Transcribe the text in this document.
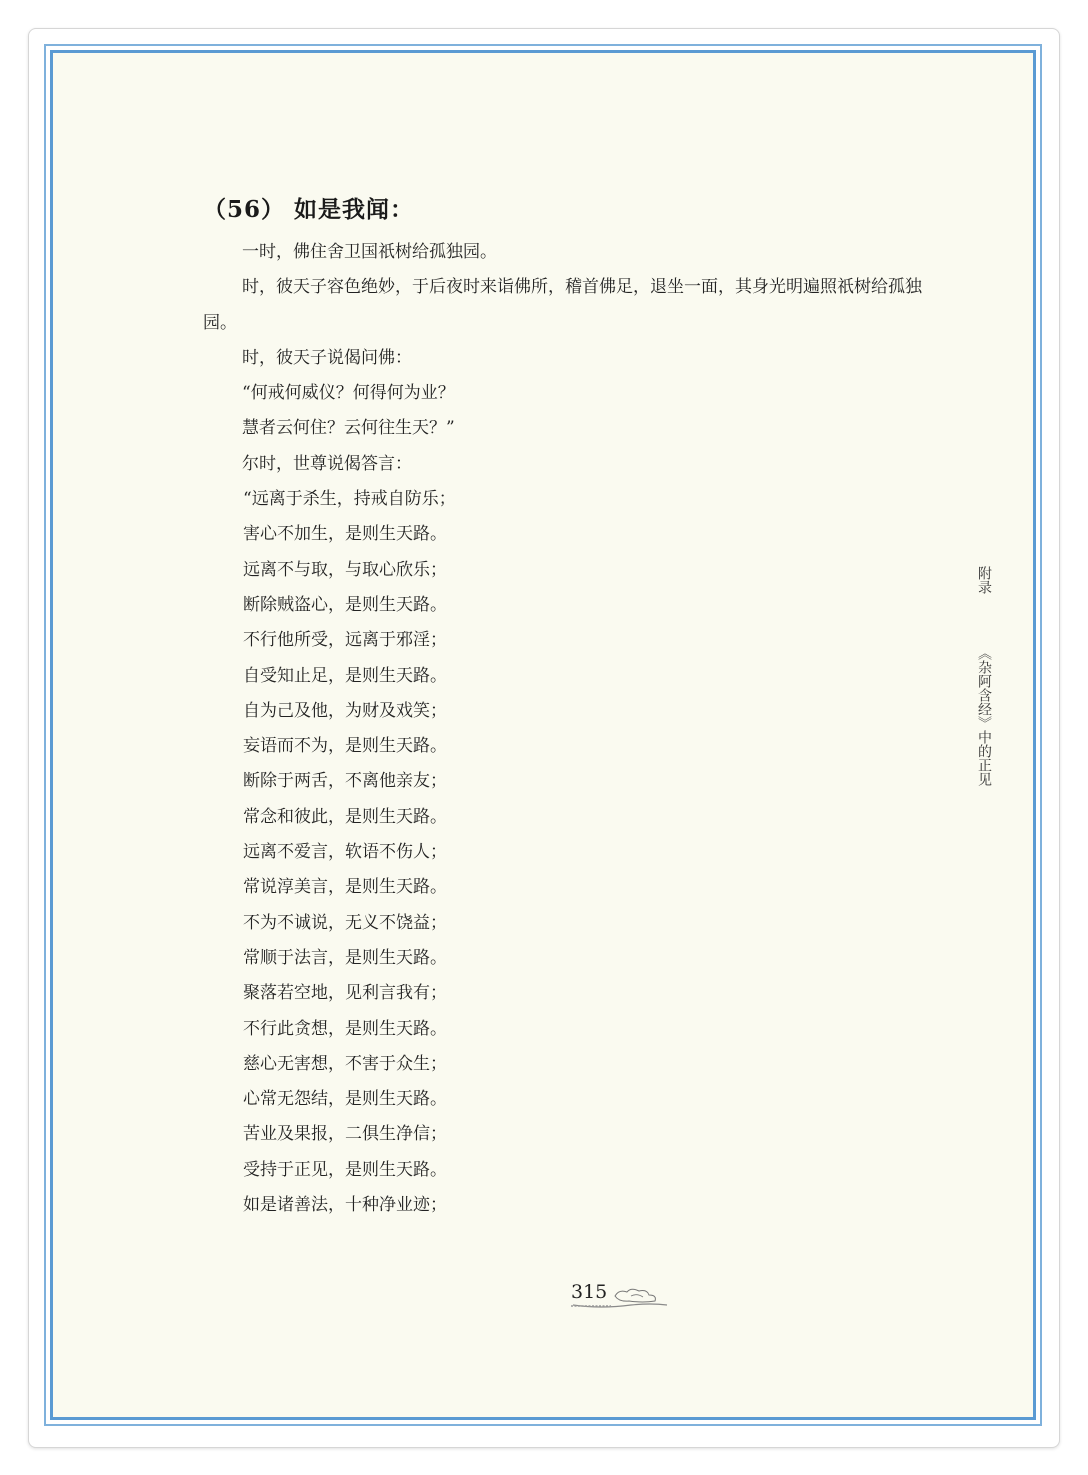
（56） 如是我闻：

一时，佛住舍卫国祇树给孤独园。

时，彼天子容色绝妙，于后夜时来诣佛所，稽首佛足，退坐一面，其身光明遍照祇树给孤独园。

时，彼天子说偈问佛：

“何戒何威仪？何得何为业？

慧者云何住？云何往生天？”

尔时，世尊说偈答言：

“远离于杀生，持戒自防乐；

害心不加生，是则生天路。

远离不与取，与取心欣乐；

断除贼盗心，是则生天路。

不行他所受，远离于邪淫；

自受知止足，是则生天路。

自为己及他，为财及戏笑；

妄语而不为，是则生天路。

断除于两舌，不离他亲友；

常念和彼此，是则生天路。

远离不爱言，软语不伤人；

常说淳美言，是则生天路。

不为不诚说，无义不饶益；

常顺于法言，是则生天路。

聚落若空地，见利言我有；

不行此贪想，是则生天路。

慈心无害想，不害于众生；

心常无怨结，是则生天路。

苦业及果报，二俱生净信；

受持于正见，是则生天路。

如是诸善法，十种净业迹；

附录《杂阿含经》中的正见
315
